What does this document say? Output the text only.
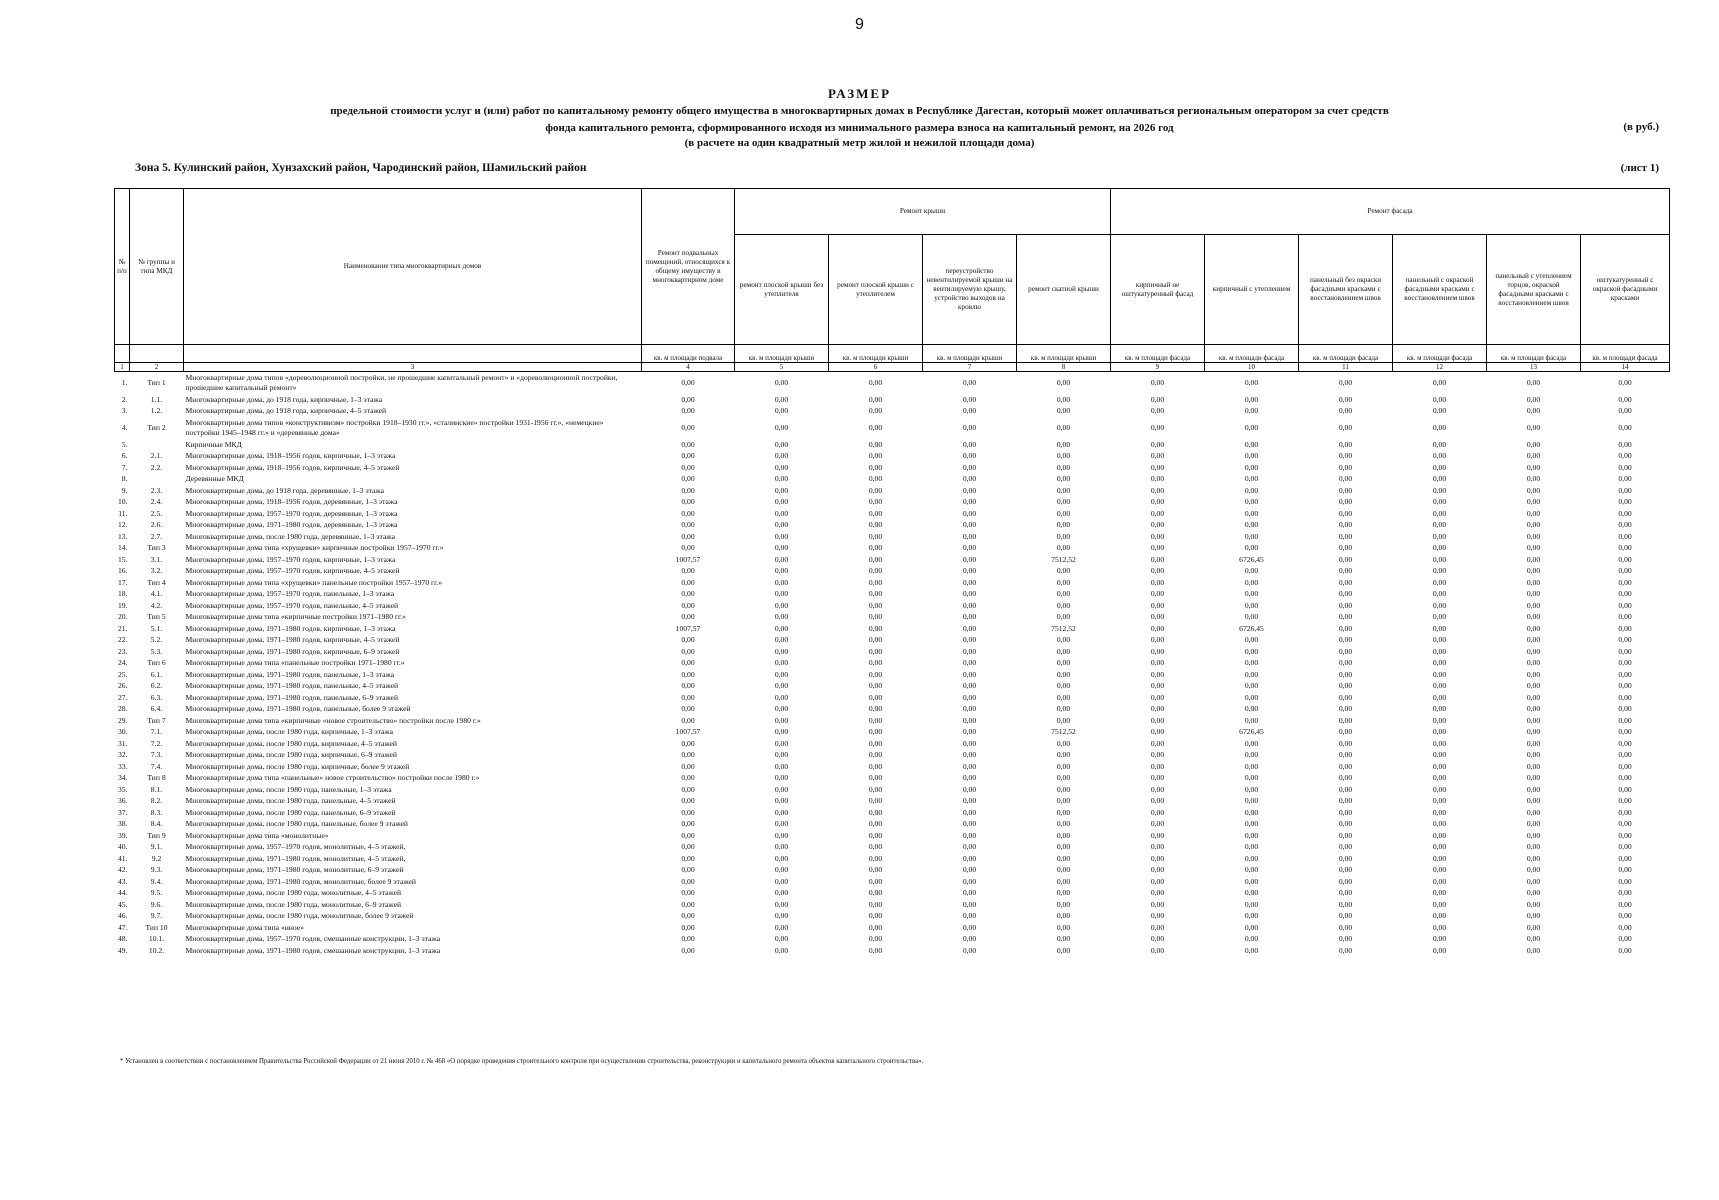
9
РАЗМЕР
предельной стоимости услуг и (или) работ по капитальному ремонту общего имущества в многоквартирных домах в Республике Дагестан, который может оплачиваться региональным оператором за счет средств
фонда капитального ремонта, сформированного исходя из минимального размера взноса на капитальный ремонт, на 2026 год
(в расчете на один квадратный метр жилой и нежилой площади дома)
(в руб.)
Зона 5. Кулинский район, Хунзахский район, Чародинский район, Шамильский район	(лист 1)
№ п/п	№ группы и типа МКД	Наименование типа многоквартирных домов	Ремонт подвальных помещений, относящихся к общему имуществу в многоквартирном доме	Ремонт крыши				Ремонт фасада					
				ремонт плоской крыши без утеплителя	ремонт плоской крыши с утеплителем	переустройство невентилируемой крыши на вентилируемую крышу, устройство выходов на кровлю	ремонт скатной крыши	кирпичный не оштукатуренный фасад	кирпичный с утеплением	панельный без окраски фасадными красками с восстановлением швов	панельный с окраской фасадными красками с восстановлением швов	панельный с утеплением торцов, окраской фасадными красками с восстановлением швов	оштукатуренный с окраской фасадными красками
			кв. м площади подвала	кв. м площади крыши	кв. м площади крыши	кв. м площади крыши	кв. м площади крыши	кв. м площади фасада	кв. м площади фасада	кв. м площади фасада	кв. м площади фасада	кв. м площади фасада	кв. м площади фасада
1	2	3	4	5	6	7	8	9	10	11	12	13	14
1.	Тип 1	Многоквартирные дома типов «дореволюционной постройки, не прошедшие капитальный ремонт» и «дореволюционной постройки, прошедшие капитальный ремонт»	0,00	0,00	0,00	0,00	0,00	0,00	0,00	0,00	0,00	0,00	0,00
2.	1.1.	Многоквартирные дома, до 1918 года, кирпичные, 1–3 этажа	0,00	0,00	0,00	0,00	0,00	0,00	0,00	0,00	0,00	0,00	0,00
3.	1.2.	Многоквартирные дома, до 1918 года, кирпичные, 4–5 этажей	0,00	0,00	0,00	0,00	0,00	0,00	0,00	0,00	0,00	0,00	0,00
4.	Тип 2	Многоквартирные дома типов «конструктивизм» постройки 1918–1930 гг.», «сталинские» постройки 1931-1956 гг.», «немецкие» постройки 1945–1948 гг.» и «деревянные дома»	0,00	0,00	0,00	0,00	0,00	0,00	0,00	0,00	0,00	0,00	0,00
5.		Кирпичные МКД	0,00	0,00	0,00	0,00	0,00	0,00	0,00	0,00	0,00	0,00	0,00
6.	2.1.	Многоквартирные дома, 1918–1956 годов, кирпичные, 1–3 этажа	0,00	0,00	0,00	0,00	0,00	0,00	0,00	0,00	0,00	0,00	0,00
7.	2.2.	Многоквартирные дома, 1918–1956 годов, кирпичные, 4–5 этажей	0,00	0,00	0,00	0,00	0,00	0,00	0,00	0,00	0,00	0,00	0,00
8.		Деревянные МКД	0,00	0,00	0,00	0,00	0,00	0,00	0,00	0,00	0,00	0,00	0,00
9.	2.3.	Многоквартирные дома, до 1918 года, деревянные, 1–3 этажа	0,00	0,00	0,00	0,00	0,00	0,00	0,00	0,00	0,00	0,00	0,00
10.	2.4.	Многоквартирные дома, 1918–1956 годов, деревянные, 1–3 этажа	0,00	0,00	0,00	0,00	0,00	0,00	0,00	0,00	0,00	0,00	0,00
11.	2.5.	Многоквартирные дома, 1957–1970 годов, деревянные, 1–3 этажа	0,00	0,00	0,00	0,00	0,00	0,00	0,00	0,00	0,00	0,00	0,00
12.	2.6.	Многоквартирные дома, 1971–1980 годов, деревянные, 1–3 этажа	0,00	0,00	0,00	0,00	0,00	0,00	0,00	0,00	0,00	0,00	0,00
13.	2.7.	Многоквартирные дома, после 1980 года, деревянные, 1–3 этажа	0,00	0,00	0,00	0,00	0,00	0,00	0,00	0,00	0,00	0,00	0,00
14.	Тип 3	Многоквартирные дома типа «хрущевки» кирпичные постройки 1957–1970 гг.»	0,00	0,00	0,00	0,00	0,00	0,00	0,00	0,00	0,00	0,00	0,00
15.	3.1.	Многоквартирные дома, 1957–1970 годов, кирпичные, 1–3 этажа	1007,57	0,00	0,00	0,00	7512,52	0,00	6726,45	0,00	0,00	0,00	0,00
16.	3.2.	Многоквартирные дома, 1957–1970 годов, кирпичные, 4–5 этажей	0,00	0,00	0,00	0,00	0,00	0,00	0,00	0,00	0,00	0,00	0,00
17.	Тип 4	Многоквартирные дома типа «хрущевки» панельные постройки 1957–1970 гг.»	0,00	0,00	0,00	0,00	0,00	0,00	0,00	0,00	0,00	0,00	0,00
18.	4.1.	Многоквартирные дома, 1957–1970 годов, панельные, 1–3 этажа	0,00	0,00	0,00	0,00	0,00	0,00	0,00	0,00	0,00	0,00	0,00
19.	4.2.	Многоквартирные дома, 1957–1970 годов, панельные, 4–5 этажей	0,00	0,00	0,00	0,00	0,00	0,00	0,00	0,00	0,00	0,00	0,00
20.	Тип 5	Многоквартирные дома типа «кирпичные постройки 1971–1980 гг.»	0,00	0,00	0,00	0,00	0,00	0,00	0,00	0,00	0,00	0,00	0,00
21.	5.1.	Многоквартирные дома, 1971–1980 годов, кирпичные, 1–3 этажа	1007,57	0,00	0,00	0,00	7512,52	0,00	6726,45	0,00	0,00	0,00	0,00
22.	5.2.	Многоквартирные дома, 1971–1980 годов, кирпичные, 4–5 этажей	0,00	0,00	0,00	0,00	0,00	0,00	0,00	0,00	0,00	0,00	0,00
23.	5.3.	Многоквартирные дома, 1971–1980 годов, кирпичные, 6–9 этажей	0,00	0,00	0,00	0,00	0,00	0,00	0,00	0,00	0,00	0,00	0,00
24.	Тип 6	Многоквартирные дома типа «панельные постройки 1971–1980 гг.»	0,00	0,00	0,00	0,00	0,00	0,00	0,00	0,00	0,00	0,00	0,00
25.	6.1.	Многоквартирные дома, 1971–1980 годов, панельные, 1–3 этажа	0,00	0,00	0,00	0,00	0,00	0,00	0,00	0,00	0,00	0,00	0,00
26.	6.2.	Многоквартирные дома, 1971–1980 годов, панельные, 4–5 этажей	0,00	0,00	0,00	0,00	0,00	0,00	0,00	0,00	0,00	0,00	0,00
27.	6.3.	Многоквартирные дома, 1971–1980 годов, панельные, 6–9 этажей	0,00	0,00	0,00	0,00	0,00	0,00	0,00	0,00	0,00	0,00	0,00
28.	6.4.	Многоквартирные дома, 1971–1980 годов, панельные, более 9 этажей	0,00	0,00	0,00	0,00	0,00	0,00	0,00	0,00	0,00	0,00	0,00
29.	Тип 7	Многоквартирные дома типа «кирпичные «новое строительство» постройки после 1980 г.»	0,00	0,00	0,00	0,00	0,00	0,00	0,00	0,00	0,00	0,00	0,00
30.	7.1.	Многоквартирные дома, после 1980 года, кирпичные, 1–3 этажа	1007,57	0,00	0,00	0,00	7512,52	0,00	6726,45	0,00	0,00	0,00	0,00
31.	7.2.	Многоквартирные дома, после 1980 года, кирпичные, 4–5 этажей	0,00	0,00	0,00	0,00	0,00	0,00	0,00	0,00	0,00	0,00	0,00
32.	7.3.	Многоквартирные дома, после 1980 года, кирпичные, 6–9 этажей	0,00	0,00	0,00	0,00	0,00	0,00	0,00	0,00	0,00	0,00	0,00
33.	7.4.	Многоквартирные дома, после 1980 года, кирпичные, более 9 этажей	0,00	0,00	0,00	0,00	0,00	0,00	0,00	0,00	0,00	0,00	0,00
34.	Тип 8	Многоквартирные дома типа «панельные» новое строительство» постройки после 1980 г.»	0,00	0,00	0,00	0,00	0,00	0,00	0,00	0,00	0,00	0,00	0,00
35.	8.1.	Многоквартирные дома, после 1980 года, панельные, 1–3 этажа	0,00	0,00	0,00	0,00	0,00	0,00	0,00	0,00	0,00	0,00	0,00
36.	8.2.	Многоквартирные дома, после 1980 года, панельные, 4–5 этажей	0,00	0,00	0,00	0,00	0,00	0,00	0,00	0,00	0,00	0,00	0,00
37.	8.3.	Многоквартирные дома, после 1980 года, панельные, 6–9 этажей	0,00	0,00	0,00	0,00	0,00	0,00	0,00	0,00	0,00	0,00	0,00
38.	8.4.	Многоквартирные дома, после 1980 года, панельные, более 9 этажей	0,00	0,00	0,00	0,00	0,00	0,00	0,00	0,00	0,00	0,00	0,00
39.	Тип 9	Многоквартирные дома типа «монолитные»	0,00	0,00	0,00	0,00	0,00	0,00	0,00	0,00	0,00	0,00	0,00
40.	9.1.	Многоквартирные дома, 1957–1970 годов, монолитные, 4–5 этажей,	0,00	0,00	0,00	0,00	0,00	0,00	0,00	0,00	0,00	0,00	0,00
41.	9.2	Многоквартирные дома, 1971–1980 годов, монолитные, 4–5 этажей,	0,00	0,00	0,00	0,00	0,00	0,00	0,00	0,00	0,00	0,00	0,00
42.	9.3.	Многоквартирные дома, 1971–1980 годов, монолитные, 6–9 этажей	0,00	0,00	0,00	0,00	0,00	0,00	0,00	0,00	0,00	0,00	0,00
43.	9.4.	Многоквартирные дома, 1971–1980 годов, монолитные, более 9 этажей	0,00	0,00	0,00	0,00	0,00	0,00	0,00	0,00	0,00	0,00	0,00
44.	9.5.	Многоквартирные дома, после 1980 года, монолитные, 4–5 этажей	0,00	0,00	0,00	0,00	0,00	0,00	0,00	0,00	0,00	0,00	0,00
45.	9.6.	Многоквартирные дома, после 1980 года, монолитные, 6–9 этажей	0,00	0,00	0,00	0,00	0,00	0,00	0,00	0,00	0,00	0,00	0,00
46.	9.7.	Многоквартирные дома, после 1980 года, монолитные, более 9 этажей	0,00	0,00	0,00	0,00	0,00	0,00	0,00	0,00	0,00	0,00	0,00
47.	Тип 10	Многоквартирные дома типа «иное»	0,00	0,00	0,00	0,00	0,00	0,00	0,00	0,00	0,00	0,00	0,00
48.	10.1.	Многоквартирные дома, 1957–1970 годов, смешанные конструкции, 1–3 этажа	0,00	0,00	0,00	0,00	0,00	0,00	0,00	0,00	0,00	0,00	0,00
49.	10.2.	Многоквартирные дома, 1971–1980 годов, смешанные конструкции, 1–3 этажа	0,00	0,00	0,00	0,00	0,00	0,00	0,00	0,00	0,00	0,00	0,00
* Установлен в соответствии с постановлением Правительства Российской Федерации от 21 июня 2010 г. № 468 «О порядке проведения строительного контроля при осуществлении строительства, реконструкции и капитального ремонта объектов капитального строительства».
